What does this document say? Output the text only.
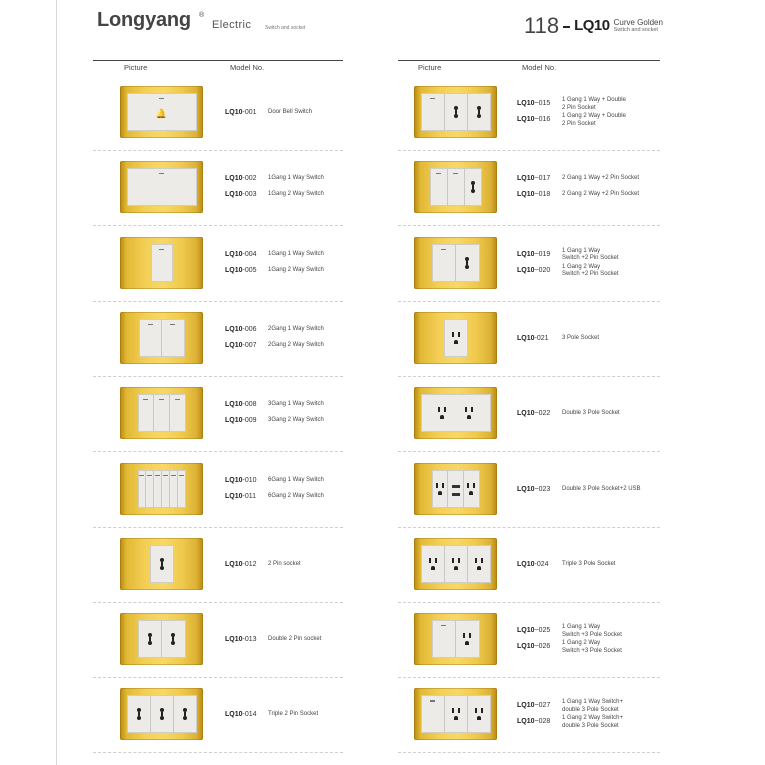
Longyang ®
Electric	Switch and socket	118 LQ10 Curve Golden
Switch and socket
Picture	Model No.	Picture	Model No.
🔔	LQ10-001 Door Bell Switch
LQ10-002 1Gang 1 Way Switch
LQ10-003 1Gang 2 Way Switch
LQ10-004 1Gang 1 Way Switch
LQ10-005 1Gang 2 Way Switch
LQ10-006 2Gang 1 Way Switch
LQ10-007 2Gang 2 Way Switch
LQ10-008 3Gang 1 Way Switch
LQ10-009 3Gang 2 Way Switch
LQ10-010 6Gang 1 Way Switch
LQ10-011 6Gang 2 Way Switch
LQ10-012 2 Pin socket
LQ10-013 Double 2 Pin socket
LQ10-014 Triple 2 Pin Socket
LQ10~015 1 Gang 1 Way + Double
2 Pin Socket
LQ10~016 1 Gang 2 Way + Double
2 Pin Socket
LQ10~017 2 Gang 1 Way +2 Pin Socket
LQ10~018 2 Gang 2 Way +2 Pin Socket
LQ10~019 1 Gang 1 Way
Switch +2 Pin Socket
LQ10~020 1 Gang 2 Way
Switch +2 Pin Socket
LQ10-021 3 Pole Socket
LQ10~022 Double 3 Pole Socket
LQ10~023 Double 3 Pole Socket+2 USB
LQ10-024 Triple 3 Pole Socket
LQ10~025 1 Gang 1 Way
Switch +3 Pole Socket
LQ10~026 1 Gang 2 Way
Switch +3 Pole Socket
LQ10~027 1 Gang 1 Way Switch+
double 3 Pole Socket
LQ10~028 1 Gang 2 Way Switch+
double 3 Pole Socket
